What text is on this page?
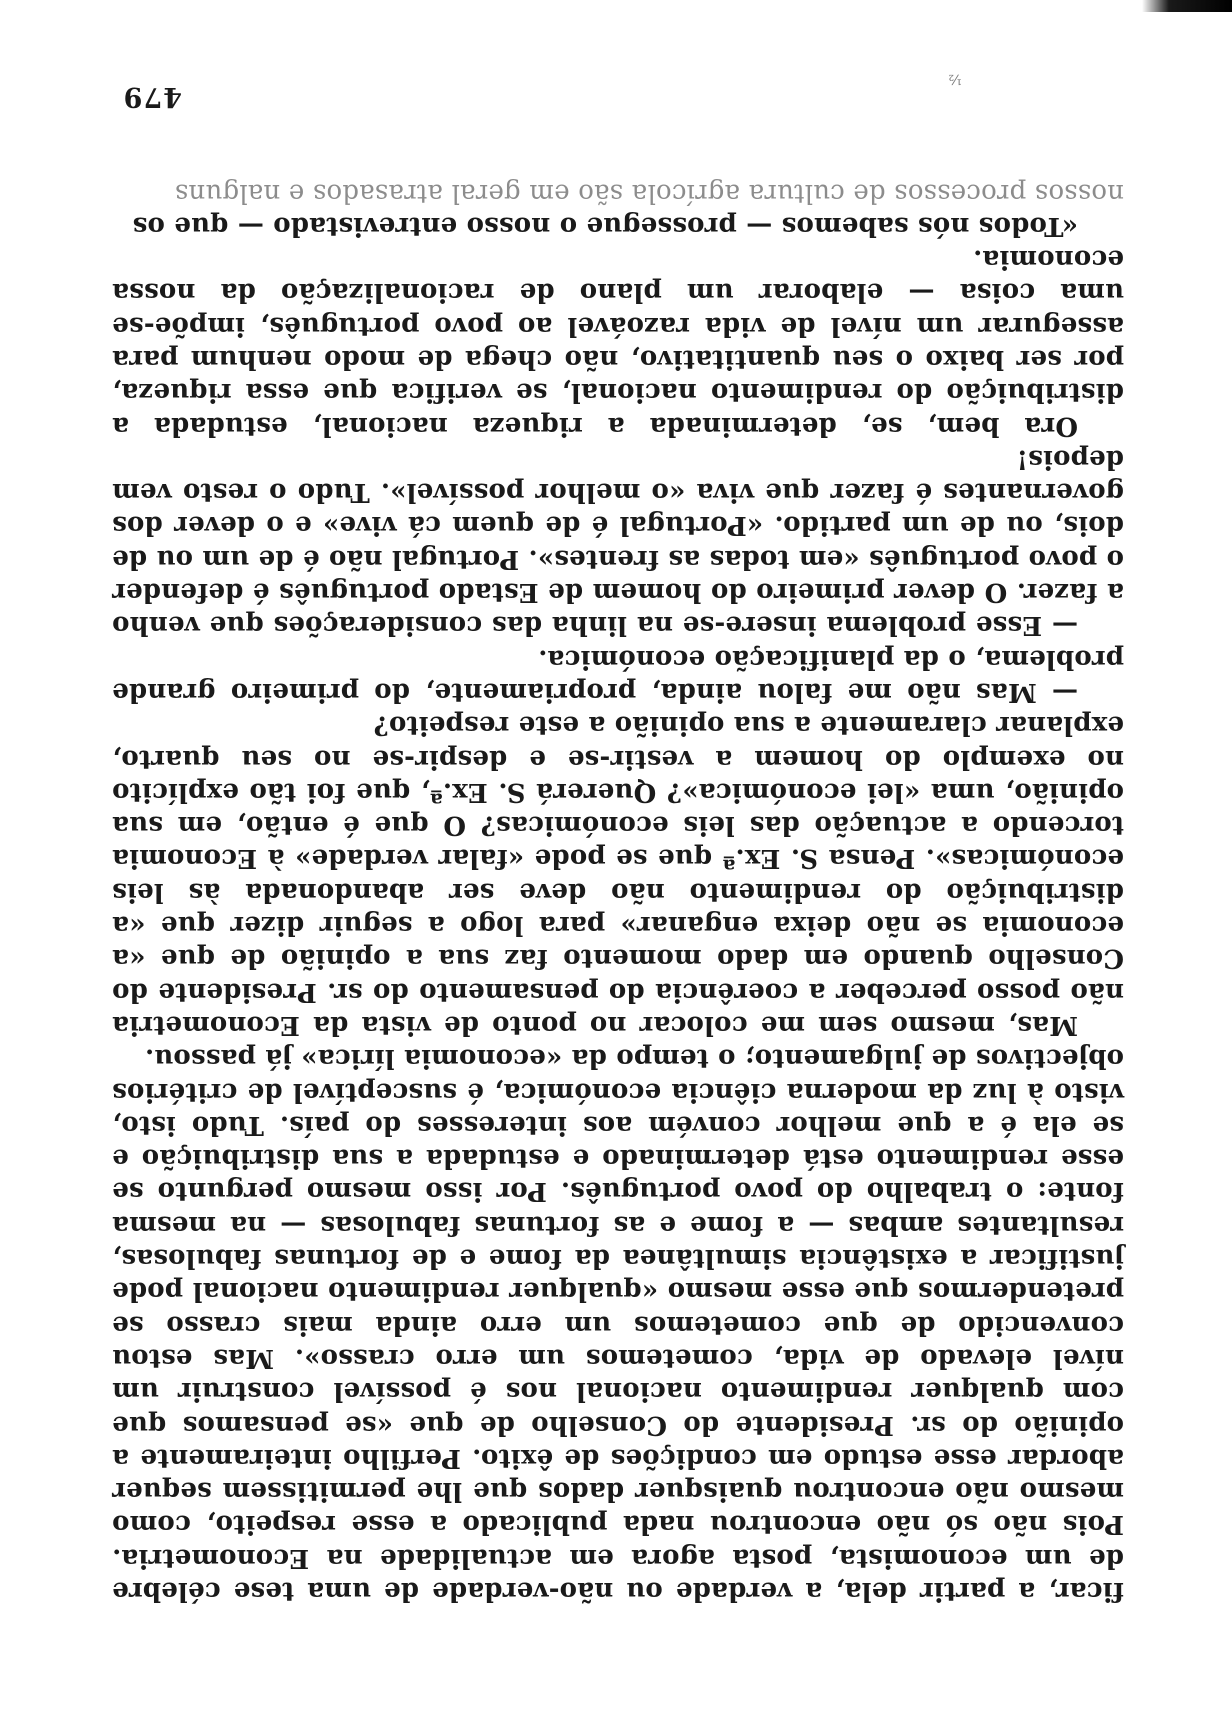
½
479

ficar, a partir dela, a verdade ou não-verdade de uma tese célebre de um economista, posta agora em actualidade na Econometria. Pois não só não encontrou nada publicado a esse respeito, como mesmo não encontrou quaisquer dados que lhe permitissem sequer abordar esse estudo em condições de êxito. Perfilho inteiramente a opinião do sr. Presidente do Conselho de que «se pensamos que com qualquer rendimento nacional nos é possível construir um nível elevado de vida, cometemos um erro crasso». Mas estou convencido de que cometemos um erro ainda mais crasso se pretendermos que esse mesmo «qualquer rendimento nacional pode justificar a existência simultânea da fome e de fortunas fabulosas, resultantes ambas — a fome e as fortunas fabulosas — na mesma fonte: o trabalho do povo português. Por isso mesmo pergunto se esse rendimento está determinado e estudada a sua distribuição e se ela é a que melhor convém aos interesses do país. Tudo isto, visto à luz da moderna ciência económica, é susceptível de critérios objectivos de julgamento; o tempo da «economia lírica» já passou.

Mas, mesmo sem me colocar no ponto de vista da Econometria não posso perceber a coerência do pensamento do sr. Presidente do Conselho quando em dado momento faz sua a opinião de que «a economia se não deixa enganar» para logo a seguir dizer que «a distribuição do rendimento não deve ser abandonada às leis económicas». Pensa S. Ex.ª que se pode «falar verdade» à Economia torcendo a actuação das leis económicas? O que é então, em sua opinião, uma «lei económica»? Quererá S. Ex.ª, que foi tão explícito no exemplo do homem a vestir-se e despir-se no seu quarto, explanar claramente a sua opinião a este respeito?

— Mas não me falou ainda, propriamente, do primeiro grande problema, o da planificação económica.

— Esse problema insere-se na linha das considerações que venho a fazer. O dever primeiro do homem de Estado português é defender o povo português «em todas as frentes». Portugal não é de um ou de dois, ou de um partido. «Portugal é de quem cá vive» e o dever dos governantes é fazer que viva «o melhor possível». Tudo o resto vem depois!

Ora bem, se, determinada a riqueza nacional, estudada a distribuição do rendimento nacional, se verifica que essa riqueza, por ser baixo o seu quantitativo, não chega de modo nenhum para assegurar um nível de vida razoável ao povo português, impõe-se uma coisa — elaborar um plano de racionalização da nossa economia.

«Todos nós sabemos — prossegue o nosso entrevistado — que os

nossos processos de cultura agrícola são em geral atrasados e nalguns
